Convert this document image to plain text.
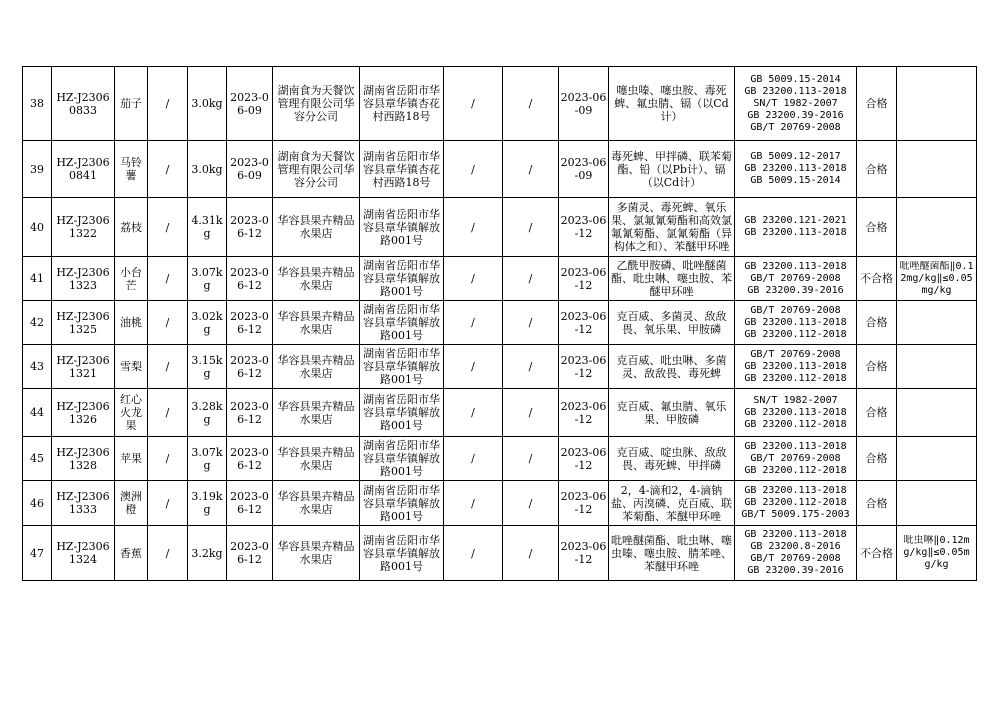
38	HZ-J23060833	茄子	/	3.0kg	2023-06-09	湖南食为天餐饮管理有限公司华容分公司	湖南省岳阳市华容县章华镇杏花村西路18号	/	/	2023-06-09	噻虫嗪、噻虫胺、毒死蜱、氟虫腈、镉（以Cd计）	GB 5009.15-2014
GB 23200.113-2018
SN/T 1982-2007
GB 23200.39-2016
GB/T 20769-2008	合格	

39	HZ-J23060841	马铃薯	/	3.0kg	2023-06-09	湖南食为天餐饮管理有限公司华容分公司	湖南省岳阳市华容县章华镇杏花村西路18号	/	/	2023-06-09	毒死蜱、甲拌磷、联苯菊酯、铅（以Pb计）、镉（以Cd计）	GB 5009.12-2017
GB 23200.113-2018
GB 5009.15-2014	合格	

40	HZ-J23061322	荔枝	/	4.31kg	2023-06-12	华容县果卉精品水果店	湖南省岳阳市华容县章华镇解放路001号	/	/	2023-06-12	多菌灵、毒死蜱、氧乐果、氯氟氰菊酯和高效氯氟氰菊酯、氯氰菊酯（异构体之和）、苯醚甲环唑	GB 23200.121-2021
GB 23200.113-2018	合格	

41	HZ-J23061323	小台芒	/	3.07kg	2023-06-12	华容县果卉精品水果店	湖南省岳阳市华容县章华镇解放路001号	/	/	2023-06-12	乙酰甲胺磷、吡唑醚菌酯、吡虫啉、噻虫胺、苯醚甲环唑	GB 23200.113-2018
GB/T 20769-2008
GB 23200.39-2016	不合格	吡唑醚菌酯‖0.12mg/kg‖≤0.05mg/kg

42	HZ-J23061325	油桃	/	3.02kg	2023-06-12	华容县果卉精品水果店	湖南省岳阳市华容县章华镇解放路001号	/	/	2023-06-12	克百威、多菌灵、敌敌畏、氧乐果、甲胺磷	GB/T 20769-2008
GB 23200.113-2018
GB 23200.112-2018	合格	

43	HZ-J23061321	雪梨	/	3.15kg	2023-06-12	华容县果卉精品水果店	湖南省岳阳市华容县章华镇解放路001号	/	/	2023-06-12	克百威、吡虫啉、多菌灵、敌敌畏、毒死蜱	GB/T 20769-2008
GB 23200.113-2018
GB 23200.112-2018	合格	

44	HZ-J23061326	红心火龙果	/	3.28kg	2023-06-12	华容县果卉精品水果店	湖南省岳阳市华容县章华镇解放路001号	/	/	2023-06-12	克百威、氟虫腈、氧乐果、甲胺磷	SN/T 1982-2007
GB 23200.113-2018
GB 23200.112-2018	合格	

45	HZ-J23061328	苹果	/	3.07kg	2023-06-12	华容县果卉精品水果店	湖南省岳阳市华容县章华镇解放路001号	/	/	2023-06-12	克百威、啶虫脒、敌敌畏、毒死蜱、甲拌磷	GB 23200.113-2018
GB/T 20769-2008
GB 23200.112-2018	合格	

46	HZ-J23061333	澳洲橙	/	3.19kg	2023-06-12	华容县果卉精品水果店	湖南省岳阳市华容县章华镇解放路001号	/	/	2023-06-12	2，4-滴和2，4-滴钠盐、丙溴磷、克百威、联苯菊酯、苯醚甲环唑	GB 23200.113-2018
GB 23200.112-2018
GB/T 5009.175-2003	合格	

47	HZ-J23061324	香蕉	/	3.2kg	2023-06-12	华容县果卉精品水果店	湖南省岳阳市华容县章华镇解放路001号	/	/	2023-06-12	吡唑醚菌酯、吡虫啉、噻虫嗪、噻虫胺、腈苯唑、苯醚甲环唑	GB 23200.113-2018
GB 23200.8-2016
GB/T 20769-2008
GB 23200.39-2016	不合格	吡虫啉‖0.12mg/kg‖≤0.05mg/kg
